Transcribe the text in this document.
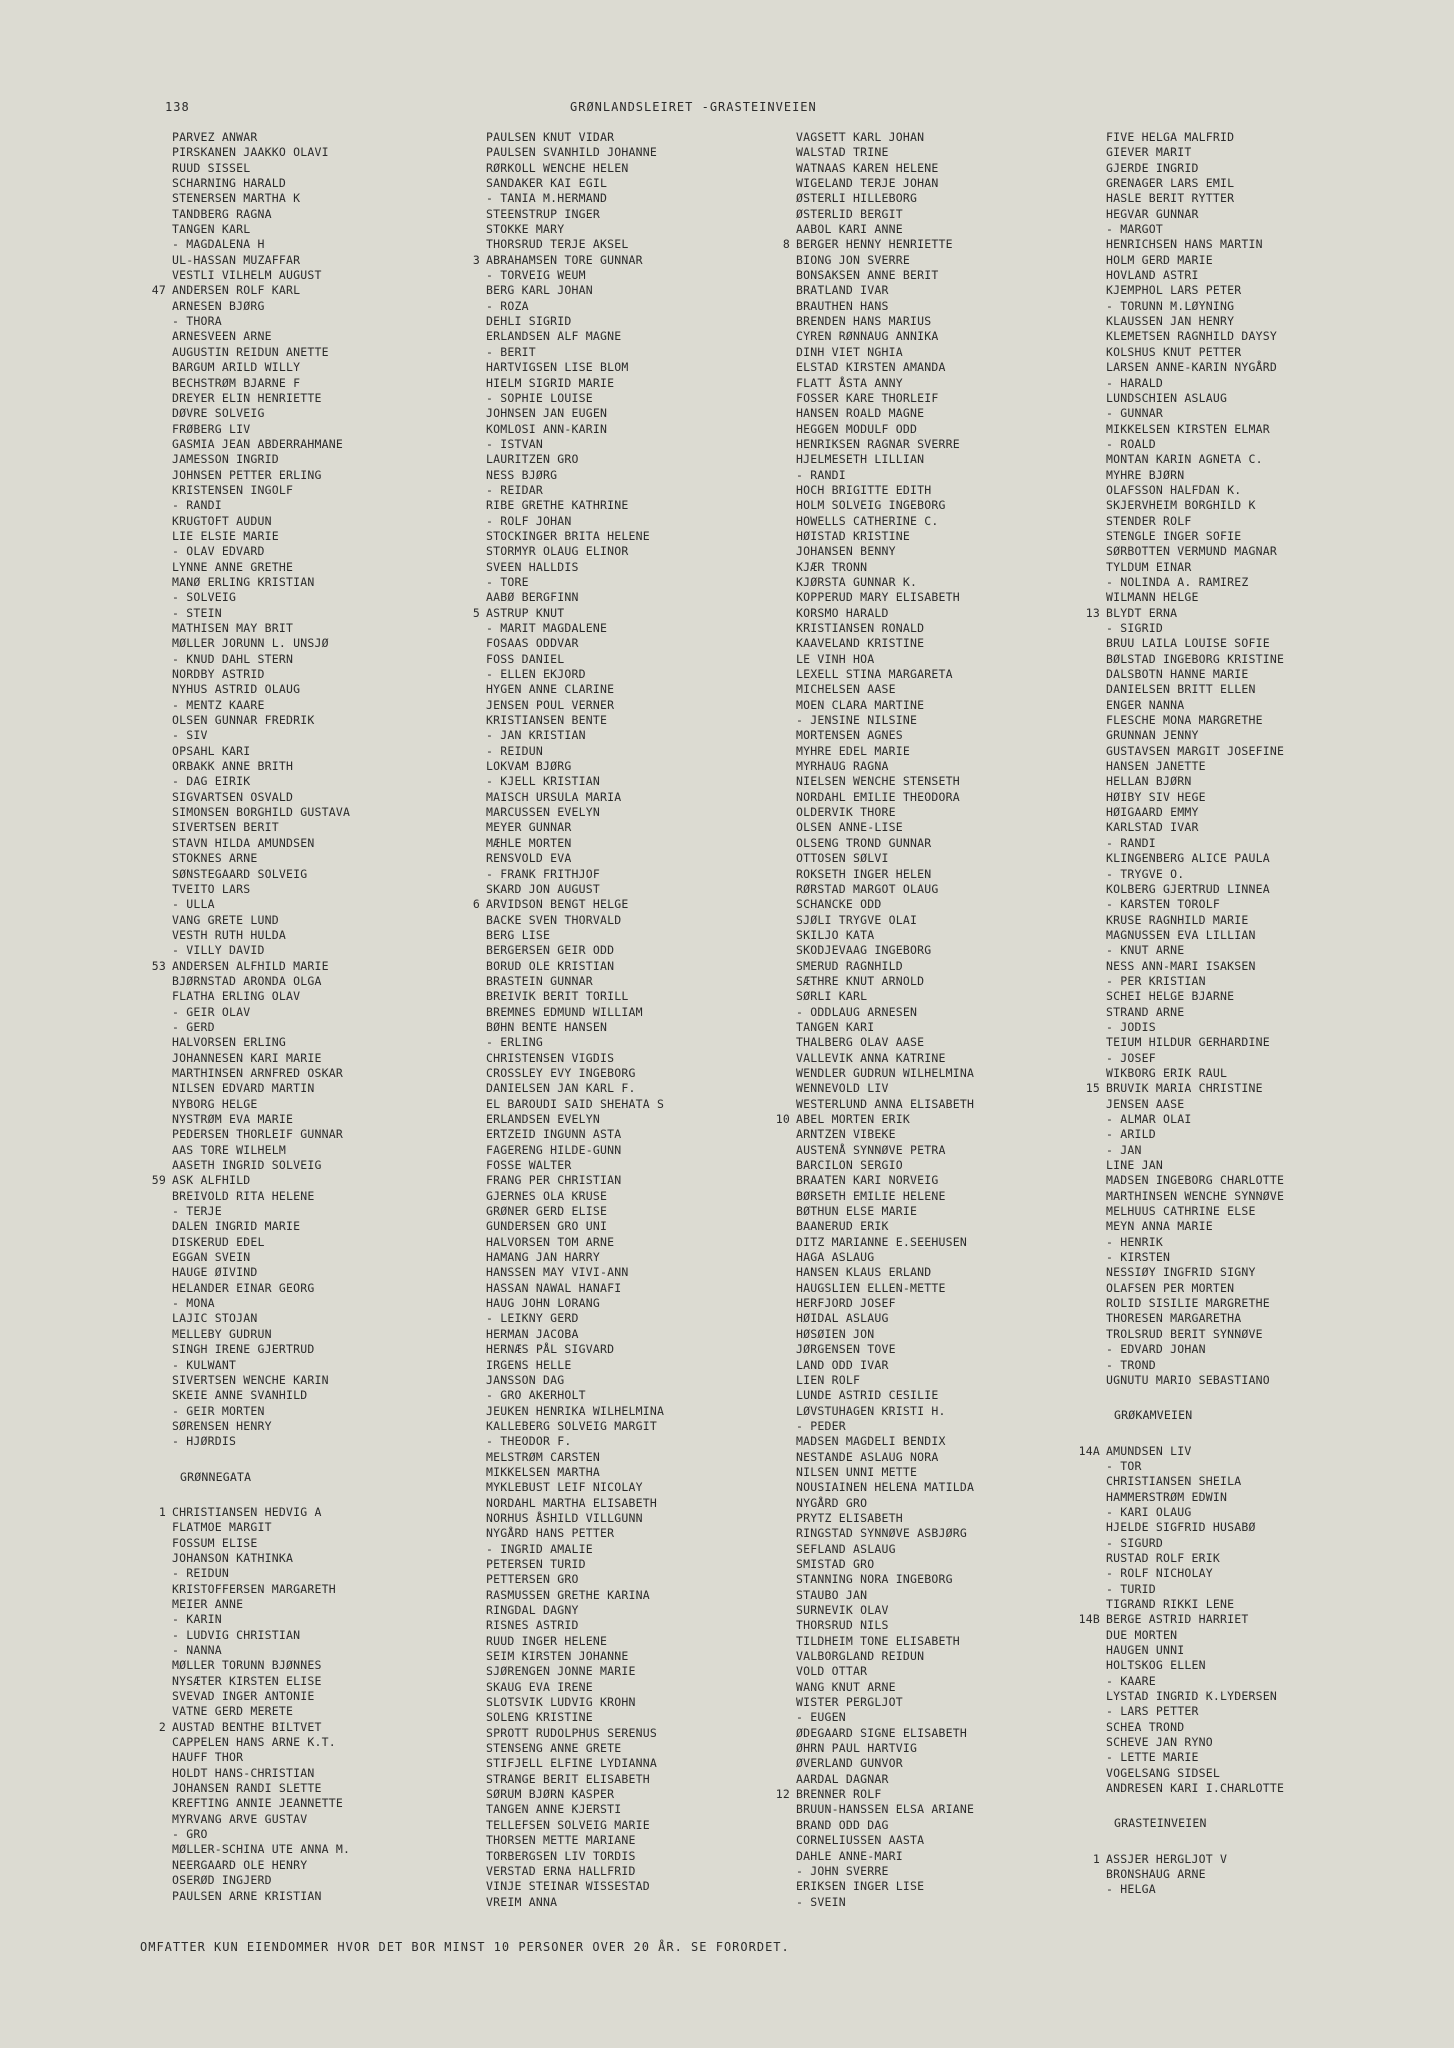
138	GRØNLANDSLEIRET -GRASTEINVEIEN
PARVEZ ANWAR
PIRSKANEN JAAKKO OLAVI
RUUD SISSEL
SCHARNING HARALD
STENERSEN MARTHA K
TANDBERG RAGNA
TANGEN KARL
- MAGDALENA H
UL-HASSAN MUZAFFAR
VESTLI VILHELM AUGUST
47 ANDERSEN ROLF KARL
ARNESEN BJØRG
- THORA
ARNESVEEN ARNE
AUGUSTIN REIDUN ANETTE
BARGUM ARILD WILLY
BECHSTRØM BJARNE F
DREYER ELIN HENRIETTE
DØVRE SOLVEIG
FRØBERG LIV
GASMIA JEAN ABDERRAHMANE
JAMESSON INGRID
JOHNSEN PETTER ERLING
KRISTENSEN INGOLF
- RANDI
KRUGTOFT AUDUN
LIE ELSIE MARIE
- OLAV EDVARD
LYNNE ANNE GRETHE
MANØ ERLING KRISTIAN
- SOLVEIG
- STEIN
MATHISEN MAY BRIT
MØLLER JORUNN L. UNSJØ
- KNUD DAHL STERN
NORDBY ASTRID
NYHUS ASTRID OLAUG
- MENTZ KAARE
OLSEN GUNNAR FREDRIK
- SIV
OPSAHL KARI
ORBAKK ANNE BRITH
- DAG EIRIK
SIGVARTSEN OSVALD
SIMONSEN BORGHILD GUSTAVA
SIVERTSEN BERIT
STAVN HILDA AMUNDSEN
STOKNES ARNE
SØNSTEGAARD SOLVEIG
TVEITO LARS
- ULLA
VANG GRETE LUND
VESTH RUTH HULDA
- VILLY DAVID
53 ANDERSEN ALFHILD MARIE
BJØRNSTAD ARONDA OLGA
FLATHA ERLING OLAV
- GEIR OLAV
- GERD
HALVORSEN ERLING
JOHANNESEN KARI MARIE
MARTHINSEN ARNFRED OSKAR
NILSEN EDVARD MARTIN
NYBORG HELGE
NYSTRØM EVA MARIE
PEDERSEN THORLEIF GUNNAR
AAS TORE WILHELM
AASETH INGRID SOLVEIG
59 ASK ALFHILD
BREIVOLD RITA HELENE
- TERJE
DALEN INGRID MARIE
DISKERUD EDEL
EGGAN SVEIN
HAUGE ØIVIND
HELANDER EINAR GEORG
- MONA
LAJIC STOJAN
MELLEBY GUDRUN
SINGH IRENE GJERTRUD
- KULWANT
SIVERTSEN WENCHE KARIN
SKEIE ANNE SVANHILD
- GEIR MORTEN
SØRENSEN HENRY
- HJØRDIS
GRØNNEGATA
1 CHRISTIANSEN HEDVIG A
FLATMOE MARGIT
FOSSUM ELISE
JOHANSON KATHINKA
- REIDUN
KRISTOFFERSEN MARGARETH
MEIER ANNE
- KARIN
- LUDVIG CHRISTIAN
- NANNA
MØLLER TORUNN BJØNNES
NYSÆTER KIRSTEN ELISE
SVEVAD INGER ANTONIE
VATNE GERD MERETE
2 AUSTAD BENTHE BILTVET
CAPPELEN HANS ARNE K.T.
HAUFF THOR
HOLDT HANS-CHRISTIAN
JOHANSEN RANDI SLETTE
KREFTING ANNIE JEANNETTE
MYRVANG ARVE GUSTAV
- GRO
MØLLER-SCHINA UTE ANNA M.
NEERGAARD OLE HENRY
OSERØD INGJERD
PAULSEN ARNE KRISTIAN
PAULSEN KNUT VIDAR
PAULSEN SVANHILD JOHANNE
RØRKOLL WENCHE HELEN
SANDAKER KAI EGIL
- TANIA M.HERMAND
STEENSTRUP INGER
STOKKE MARY
THORSRUD TERJE AKSEL
3 ABRAHAMSEN TORE GUNNAR
- TORVEIG WEUM
BERG KARL JOHAN
- ROZA
DEHLI SIGRID
ERLANDSEN ALF MAGNE
- BERIT
HARTVIGSEN LISE BLOM
HIELM SIGRID MARIE
- SOPHIE LOUISE
JOHNSEN JAN EUGEN
KOMLOSI ANN-KARIN
- ISTVAN
LAURITZEN GRO
NESS BJØRG
- REIDAR
RIBE GRETHE KATHRINE
- ROLF JOHAN
STOCKINGER BRITA HELENE
STORMYR OLAUG ELINOR
SVEEN HALLDIS
- TORE
AABØ BERGFINN
5 ASTRUP KNUT
- MARIT MAGDALENE
FOSAAS ODDVAR
FOSS DANIEL
- ELLEN EKJORD
HYGEN ANNE CLARINE
JENSEN POUL VERNER
KRISTIANSEN BENTE
- JAN KRISTIAN
- REIDUN
LOKVAM BJØRG
- KJELL KRISTIAN
MAISCH URSULA MARIA
MARCUSSEN EVELYN
MEYER GUNNAR
MÆHLE MORTEN
RENSVOLD EVA
- FRANK FRITHJOF
SKARD JON AUGUST
6 ARVIDSON BENGT HELGE
BACKE SVEN THORVALD
BERG LISE
BERGERSEN GEIR ODD
BORUD OLE KRISTIAN
BRASTEIN GUNNAR
BREIVIK BERIT TORILL
BREMNES EDMUND WILLIAM
BØHN BENTE HANSEN
- ERLING
CHRISTENSEN VIGDIS
CROSSLEY EVY INGEBORG
DANIELSEN JAN KARL F.
EL BAROUDI SAID SHEHATA S
ERLANDSEN EVELYN
ERTZEID INGUNN ASTA
FAGERENG HILDE-GUNN
FOSSE WALTER
FRANG PER CHRISTIAN
GJERNES OLA KRUSE
GRØNER GERD ELISE
GUNDERSEN GRO UNI
HALVORSEN TOM ARNE
HAMANG JAN HARRY
HANSSEN MAY VIVI-ANN
HASSAN NAWAL HANAFI
HAUG JOHN LORANG
- LEIKNY GERD
HERMAN JACOBA
HERNÆS PÅL SIGVARD
IRGENS HELLE
JANSSON DAG
- GRO AKERHOLT
JEUKEN HENRIKA WILHELMINA
KALLEBERG SOLVEIG MARGIT
- THEODOR F.
MELSTRØM CARSTEN
MIKKELSEN MARTHA
MYKLEBUST LEIF NICOLAY
NORDAHL MARTHA ELISABETH
NORHUS ÅSHILD VILLGUNN
NYGÅRD HANS PETTER
- INGRID AMALIE
PETERSEN TURID
PETTERSEN GRO
RASMUSSEN GRETHE KARINA
RINGDAL DAGNY
RISNES ASTRID
RUUD INGER HELENE
SEIM KIRSTEN JOHANNE
SJØRENGEN JONNE MARIE
SKAUG EVA IRENE
SLOTSVIK LUDVIG KROHN
SOLENG KRISTINE
SPROTT RUDOLPHUS SERENUS
STENSENG ANNE GRETE
STIFJELL ELFINE LYDIANNA
STRANGE BERIT ELISABETH
SØRUM BJØRN KASPER
TANGEN ANNE KJERSTI
TELLEFSEN SOLVEIG MARIE
THORSEN METTE MARIANE
TORBERGSEN LIV TORDIS
VERSTAD ERNA HALLFRID
VINJE STEINAR WISSESTAD
VREIM ANNA
VAGSETT KARL JOHAN
WALSTAD TRINE
WATNAAS KAREN HELENE
WIGELAND TERJE JOHAN
ØSTERLI HILLEBORG
ØSTERLID BERGIT
AABOL KARI ANNE
8 BERGER HENNY HENRIETTE
BIONG JON SVERRE
BONSAKSEN ANNE BERIT
BRATLAND IVAR
BRAUTHEN HANS
BRENDEN HANS MARIUS
CYREN RØNNAUG ANNIKA
DINH VIET NGHIA
ELSTAD KIRSTEN AMANDA
FLATT ÅSTA ANNY
FOSSER KARE THORLEIF
HANSEN ROALD MAGNE
HEGGEN MODULF ODD
HENRIKSEN RAGNAR SVERRE
HJELMESETH LILLIAN
- RANDI
HOCH BRIGITTE EDITH
HOLM SOLVEIG INGEBORG
HOWELLS CATHERINE C.
HØISTAD KRISTINE
JOHANSEN BENNY
KJÆR TRONN
KJØRSTA GUNNAR K.
KOPPERUD MARY ELISABETH
KORSMO HARALD
KRISTIANSEN RONALD
KAAVELAND KRISTINE
LE VINH HOA
LEXELL STINA MARGARETA
MICHELSEN AASE
MOEN CLARA MARTINE
- JENSINE NILSINE
MORTENSEN AGNES
MYHRE EDEL MARIE
MYRHAUG RAGNA
NIELSEN WENCHE STENSETH
NORDAHL EMILIE THEODORA
OLDERVIK THORE
OLSEN ANNE-LISE
OLSENG TROND GUNNAR
OTTOSEN SØLVI
ROKSETH INGER HELEN
RØRSTAD MARGOT OLAUG
SCHANCKE ODD
SJØLI TRYGVE OLAI
SKILJO KATA
SKODJEVAAG INGEBORG
SMERUD RAGNHILD
SÆTHRE KNUT ARNOLD
SØRLI KARL
- ODDLAUG ARNESEN
TANGEN KARI
THALBERG OLAV AASE
VALLEVIK ANNA KATRINE
WENDLER GUDRUN WILHELMINA
WENNEVOLD LIV
WESTERLUND ANNA ELISABETH
10 ABEL MORTEN ERIK
ARNTZEN VIBEKE
AUSTENÅ SYNNØVE PETRA
BARCILON SERGIO
BRAATEN KARI NORVEIG
BØRSETH EMILIE HELENE
BØTHUN ELSE MARIE
BAANERUD ERIK
DITZ MARIANNE E.SEEHUSEN
HAGA ASLAUG
HANSEN KLAUS ERLAND
HAUGSLIEN ELLEN-METTE
HERFJORD JOSEF
HØIDAL ASLAUG
HØSØIEN JON
JØRGENSEN TOVE
LAND ODD IVAR
LIEN ROLF
LUNDE ASTRID CESILIE
LØVSTUHAGEN KRISTI H.
- PEDER
MADSEN MAGDELI BENDIX
NESTANDE ASLAUG NORA
NILSEN UNNI METTE
NOUSIAINEN HELENA MATILDA
NYGÅRD GRO
PRYTZ ELISABETH
RINGSTAD SYNNØVE ASBJØRG
SEFLAND ASLAUG
SMISTAD GRO
STANNING NORA INGEBORG
STAUBO JAN
SURNEVIK OLAV
THORSRUD NILS
TILDHEIM TONE ELISABETH
VALBORGLAND REIDUN
VOLD OTTAR
WANG KNUT ARNE
WISTER PERGLJOT
- EUGEN
ØDEGAARD SIGNE ELISABETH
ØHRN PAUL HARTVIG
ØVERLAND GUNVOR
AARDAL DAGNAR
12 BRENNER ROLF
BRUUN-HANSSEN ELSA ARIANE
BRAND ODD DAG
CORNELIUSSEN AASTA
DAHLE ANNE-MARI
- JOHN SVERRE
ERIKSEN INGER LISE
- SVEIN
FIVE HELGA MALFRID
GIEVER MARIT
GJERDE INGRID
GRENAGER LARS EMIL
HASLE BERIT RYTTER
HEGVAR GUNNAR
- MARGOT
HENRICHSEN HANS MARTIN
HOLM GERD MARIE
HOVLAND ASTRI
KJEMPHOL LARS PETER
- TORUNN M.LØYNING
KLAUSSEN JAN HENRY
KLEMETSEN RAGNHILD DAYSY
KOLSHUS KNUT PETTER
LARSEN ANNE-KARIN NYGÅRD
- HARALD
LUNDSCHIEN ASLAUG
- GUNNAR
MIKKELSEN KIRSTEN ELMAR
- ROALD
MONTAN KARIN AGNETA C.
MYHRE BJØRN
OLAFSSON HALFDAN K.
SKJERVHEIM BORGHILD K
STENDER ROLF
STENGLE INGER SOFIE
SØRBOTTEN VERMUND MAGNAR
TYLDUM EINAR
- NOLINDA A. RAMIREZ
WILMANN HELGE
13 BLYDT ERNA
- SIGRID
BRUU LAILA LOUISE SOFIE
BØLSTAD INGEBORG KRISTINE
DALSBOTN HANNE MARIE
DANIELSEN BRITT ELLEN
ENGER NANNA
FLESCHE MONA MARGRETHE
GRUNNAN JENNY
GUSTAVSEN MARGIT JOSEFINE
HANSEN JANETTE
HELLAN BJØRN
HØIBY SIV HEGE
HØIGAARD EMMY
KARLSTAD IVAR
- RANDI
KLINGENBERG ALICE PAULA
- TRYGVE O.
KOLBERG GJERTRUD LINNEA
- KARSTEN TOROLF
KRUSE RAGNHILD MARIE
MAGNUSSEN EVA LILLIAN
- KNUT ARNE
NESS ANN-MARI ISAKSEN
- PER KRISTIAN
SCHEI HELGE BJARNE
STRAND ARNE
- JODIS
TEIUM HILDUR GERHARDINE
- JOSEF
WIKBORG ERIK RAUL
15 BRUVIK MARIA CHRISTINE
JENSEN AASE
- ALMAR OLAI
- ARILD
- JAN
LINE JAN
MADSEN INGEBORG CHARLOTTE
MARTHINSEN WENCHE SYNNØVE
MELHUUS CATHRINE ELSE
MEYN ANNA MARIE
- HENRIK
- KIRSTEN
NESSIØY INGFRID SIGNY
OLAFSEN PER MORTEN
ROLID SISILIE MARGRETHE
THORESEN MARGARETHA
TROLSRUD BERIT SYNNØVE
- EDVARD JOHAN
- TROND
UGNUTU MARIO SEBASTIANO
GRØKAMVEIEN
14A AMUNDSEN LIV
- TOR
CHRISTIANSEN SHEILA
HAMMERSTRØM EDWIN
- KARI OLAUG
HJELDE SIGFRID HUSABØ
- SIGURD
RUSTAD ROLF ERIK
- ROLF NICHOLAY
- TURID
TIGRAND RIKKI LENE
14B BERGE ASTRID HARRIET
DUE MORTEN
HAUGEN UNNI
HOLTSKOG ELLEN
- KAARE
LYSTAD INGRID K.LYDERSEN
- LARS PETTER
SCHEA TROND
SCHEVE JAN RYNO
- LETTE MARIE
VOGELSANG SIDSEL
ANDRESEN KARI I.CHARLOTTE
GRASTEINVEIEN
1 ASSJER HERGLJOT V
BRONSHAUG ARNE
- HELGA
OMFATTER KUN EIENDOMMER HVOR DET BOR MINST 10 PERSONER OVER 20 ÅR. SE FORORDET.
